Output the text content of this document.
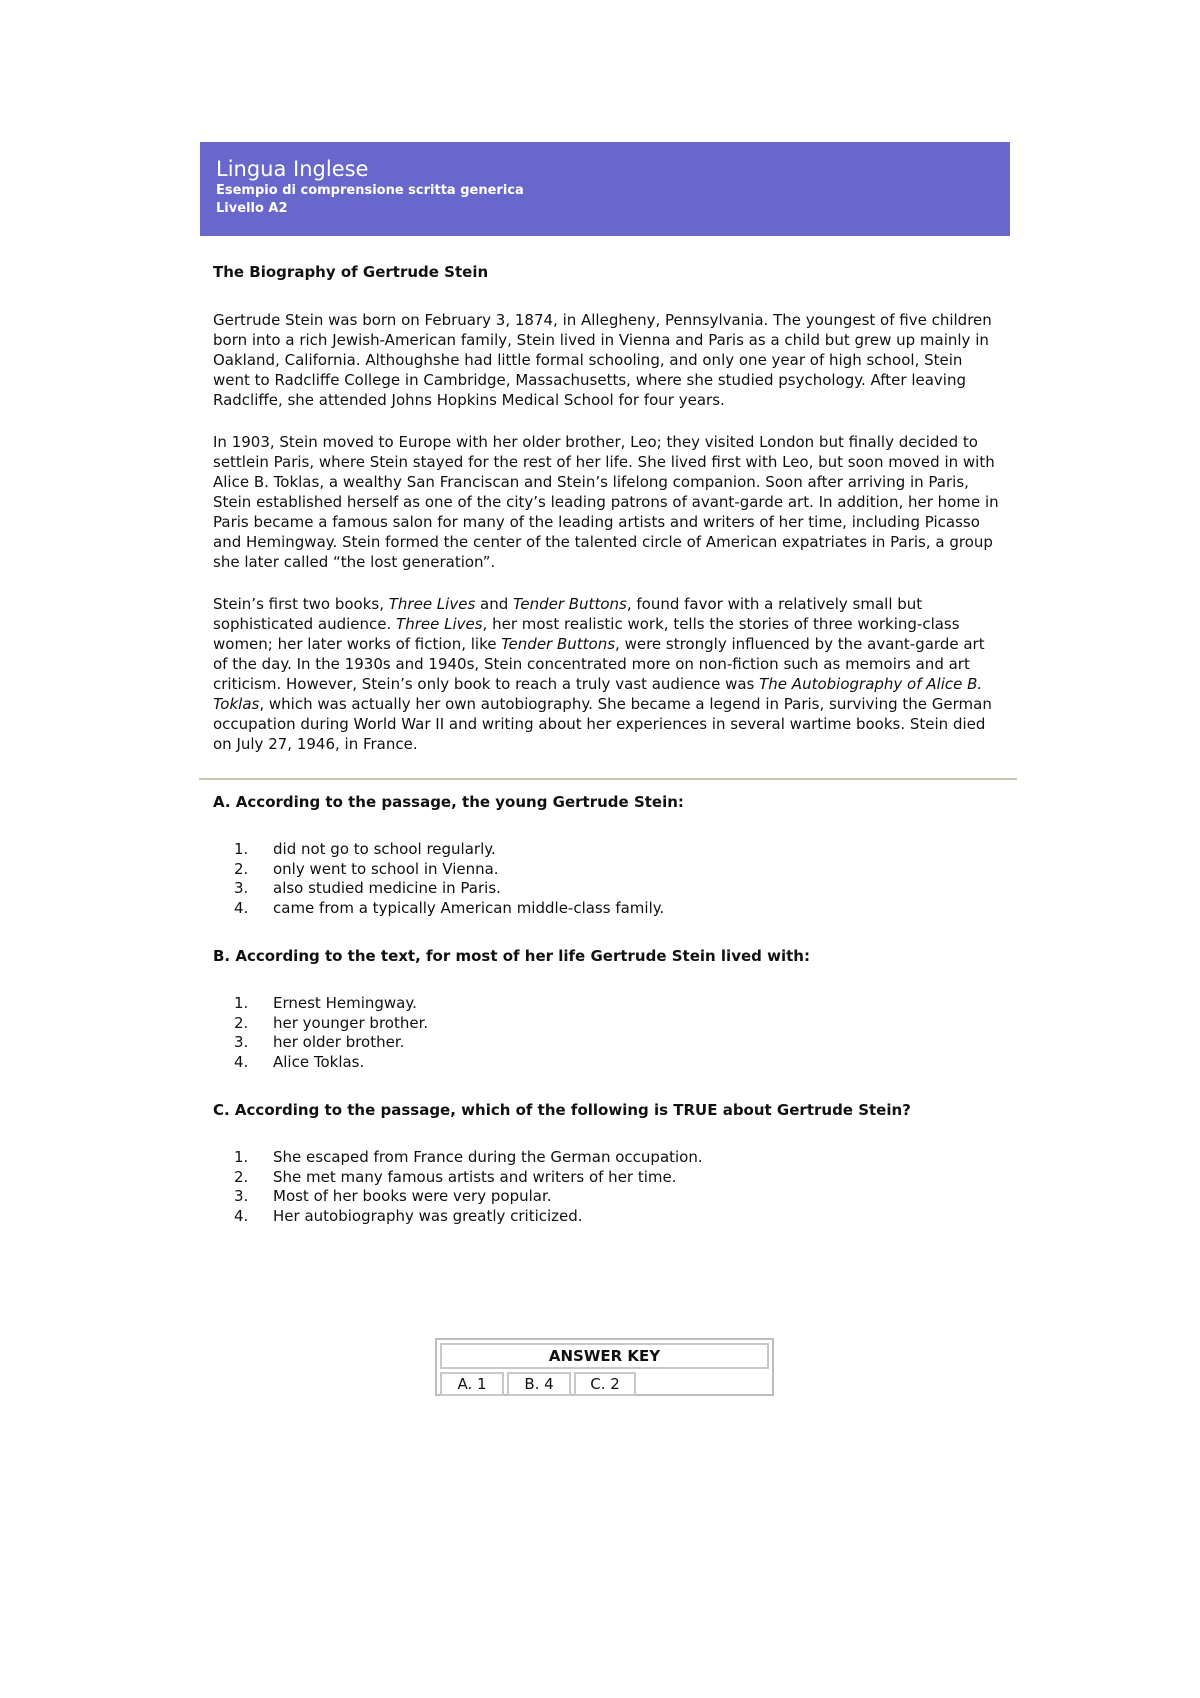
Lingua Inglese
Esempio di comprensione scritta generica
Livello A2
The Biography of Gertrude Stein

Gertrude Stein was born on February 3, 1874, in Allegheny, Pennsylvania. The youngest of five children born into a rich Jewish-American family, Stein lived in Vienna and Paris as a child but grew up mainly in Oakland, California. Althoughshe had little formal schooling, and only one year of high school, Stein went to Radcliffe College in Cambridge, Massachusetts, where she studied psychology. After leaving Radcliffe, she attended Johns Hopkins Medical School for four years.

In 1903, Stein moved to Europe with her older brother, Leo; they visited London but finally decided to settlein Paris, where Stein stayed for the rest of her life. She lived first with Leo, but soon moved in with Alice B. Toklas, a wealthy San Franciscan and Stein’s lifelong companion. Soon after arriving in Paris, Stein established herself as one of the city’s leading patrons of avant-garde art. In addition, her home in Paris became a famous salon for many of the leading artists and writers of her time, including Picasso and Hemingway. Stein formed the center of the talented circle of American expatriates in Paris, a group she later called “the lost generation”.

Stein’s first two books, Three Lives and Tender Buttons, found favor with a relatively small but sophisticated audience. Three Lives, her most realistic work, tells the stories of three working-class women; her later works of fiction, like Tender Buttons, were strongly influenced by the avant-garde art of the day. In the 1930s and 1940s, Stein concentrated more on non-fiction such as memoirs and art criticism. However, Stein’s only book to reach a truly vast audience was The Autobiography of Alice B. Toklas, which was actually her own autobiography. She became a legend in Paris, surviving the German occupation during World War II and writing about her experiences in several wartime books. Stein died on July 27, 1946, in France.

A. According to the passage, the young Gertrude Stein:
1. did not go to school regularly.
2. only went to school in Vienna.
3. also studied medicine in Paris.
4. came from a typically American middle-class family.
B. According to the text, for most of her life Gertrude Stein lived with:
1. Ernest Hemingway.
2. her younger brother.
3. her older brother.
4. Alice Toklas.
C. According to the passage, which of the following is TRUE about Gertrude Stein?
1. She escaped from France during the German occupation.
2. She met many famous artists and writers of her time.
3. Most of her books were very popular.
4. Her autobiography was greatly criticized.
ANSWER KEY
A. 1	B. 4	C. 2
